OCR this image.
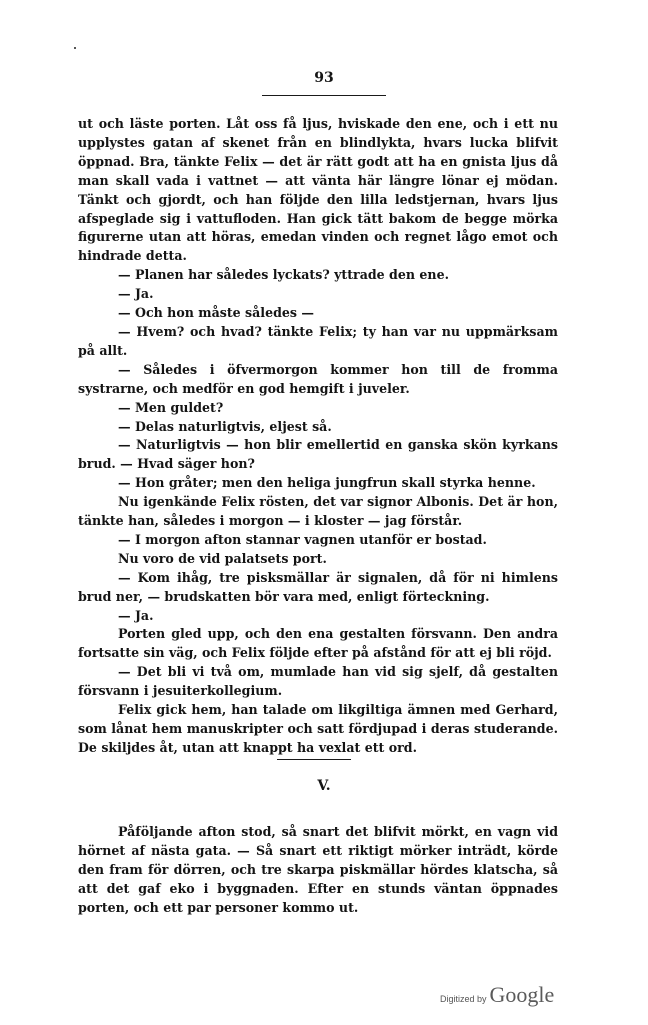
93

ut och läste porten. Låt oss få ljus, hviskade den ene, och i ett nu upplystes gatan af skenet från en blindlykta, hvars lucka blifvit öppnad. Bra, tänkte Felix — det är rätt godt att ha en gnista ljus då man skall vada i vattnet — att vänta här längre lönar ej mödan. Tänkt och gjordt, och han följde den lilla ledstjernan, hvars ljus afspeglade sig i vattufloden. Han gick tätt bakom de begge mörka figurerne utan att höras, emedan vinden och regnet lågo emot och hindrade detta.

— Planen har således lyckats? yttrade den ene.

— Ja.

— Och hon måste således —

— Hvem? och hvad? tänkte Felix; ty han var nu uppmärksam på allt.

— Således i öfvermorgon kommer hon till de fromma systrarne, och medför en god hemgift i juveler.

— Men guldet?

— Delas naturligtvis, eljest så.

— Naturligtvis — hon blir emellertid en ganska skön kyrkans brud. — Hvad säger hon?

— Hon gråter; men den heliga jungfrun skall styrka henne.

Nu igenkände Felix rösten, det var signor Albonis. Det är hon, tänkte han, således i morgon — i kloster — jag förstår.

— I morgon afton stannar vagnen utanför er bostad.

Nu voro de vid palatsets port.

— Kom ihåg, tre pisksmällar är signalen, då för ni himlens brud ner, — brudskatten bör vara med, enligt förteckning.

— Ja.

Porten gled upp, och den ena gestalten försvann. Den andra fortsatte sin väg, och Felix följde efter på afstånd för att ej bli röjd.

— Det bli vi två om, mumlade han vid sig sjelf, då gestalten försvann i jesuiterkollegium.

Felix gick hem, han talade om likgiltiga ämnen med Gerhard, som lånat hem manuskripter och satt fördjupad i deras studerande. De skiljdes åt, utan att knappt ha vexlat ett ord.

V.

Påföljande afton stod, så snart det blifvit mörkt, en vagn vid hörnet af nästa gata. — Så snart ett riktigt mörker inträdt, körde den fram för dörren, och tre skarpa piskmällar hördes klatscha, så att det gaf eko i byggnaden. Efter en stunds väntan öppnades porten, och ett par personer kommo ut.

Digitized by Google
